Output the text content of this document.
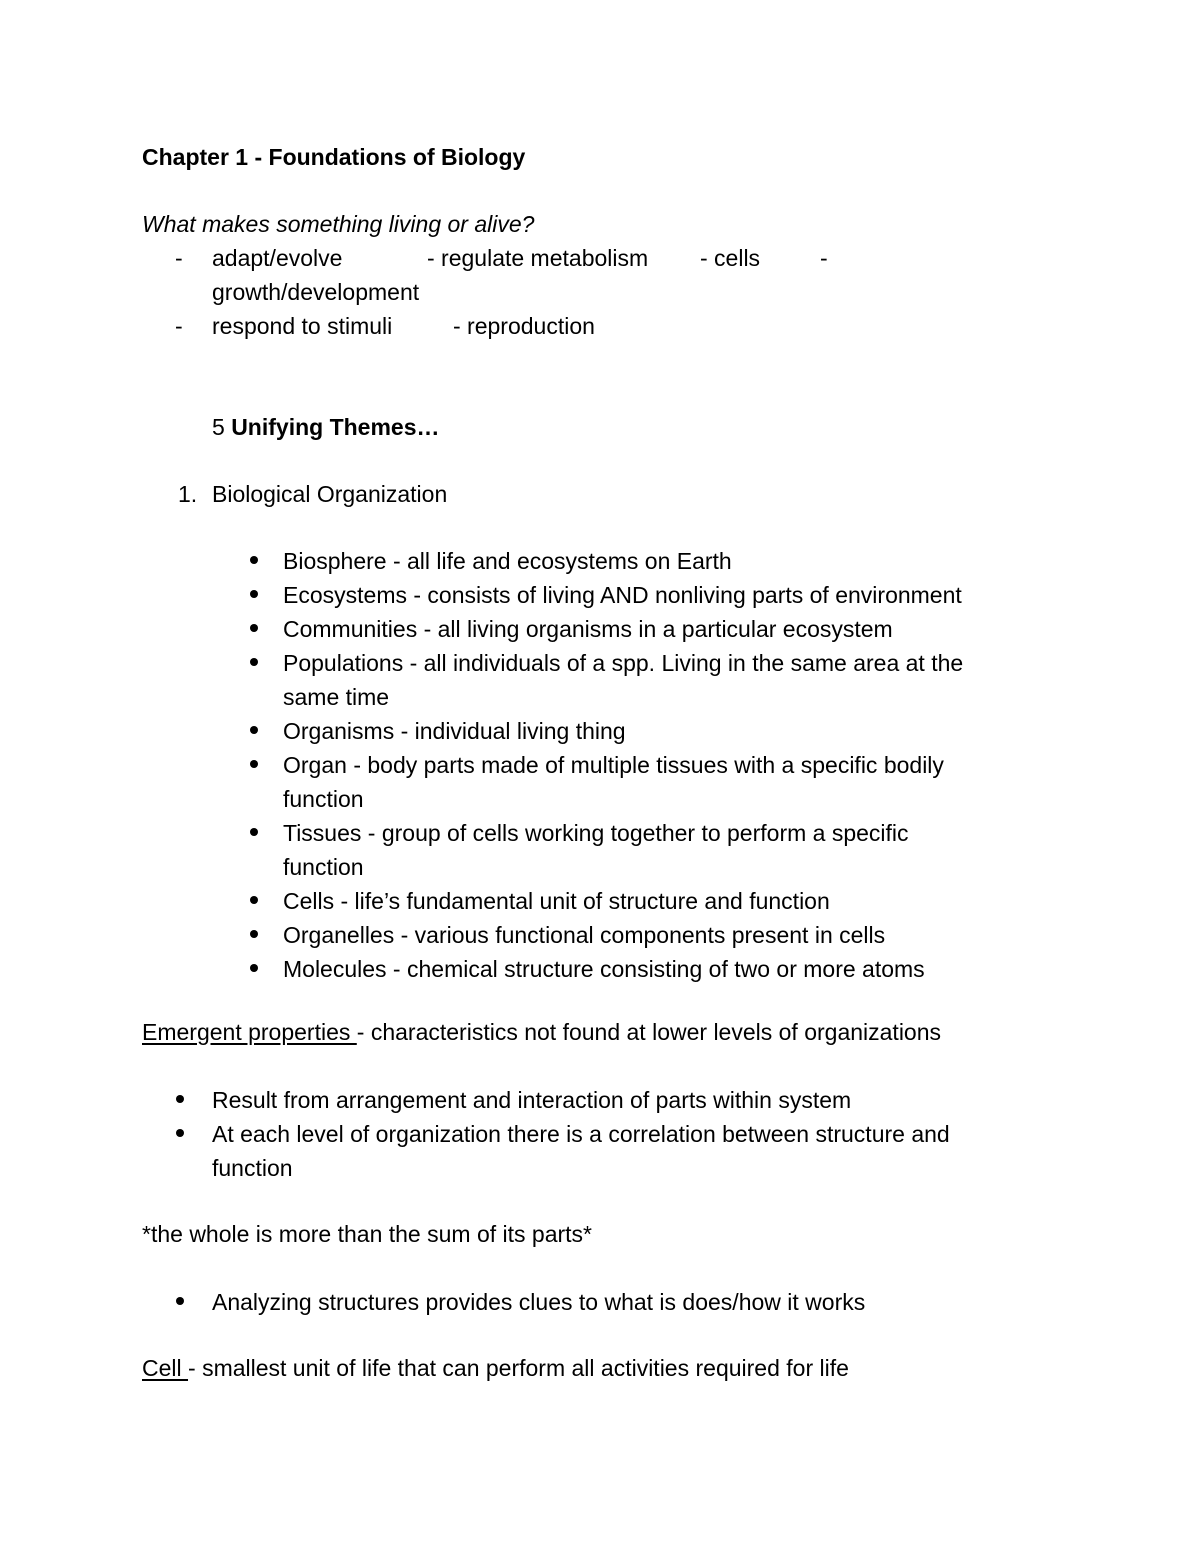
Chapter 1 - Foundations of Biology
What makes something living or alive?
- adapt/evolve	- regulate metabolism - cells	-
growth/development
- respond to stimuli	- reproduction
5 Unifying Themes…
1. Biological Organization
Biosphere - all life and ecosystems on Earth
Ecosystems - consists of living AND nonliving parts of environment
Communities - all living organisms in a particular ecosystem
Populations - all individuals of a spp. Living in the same area at the
same time
Organisms - individual living thing
Organ - body parts made of multiple tissues with a specific bodily
function
Tissues - group of cells working together to perform a specific
function
Cells - life’s fundamental unit of structure and function
Organelles - various functional components present in cells
Molecules - chemical structure consisting of two or more atoms
Emergent properties - characteristics not found at lower levels of organizations
Result from arrangement and interaction of parts within system
At each level of organization there is a correlation between structure and
function
*the whole is more than the sum of its parts*
Analyzing structures provides clues to what is does/how it works
Cell - smallest unit of life that can perform all activities required for life
